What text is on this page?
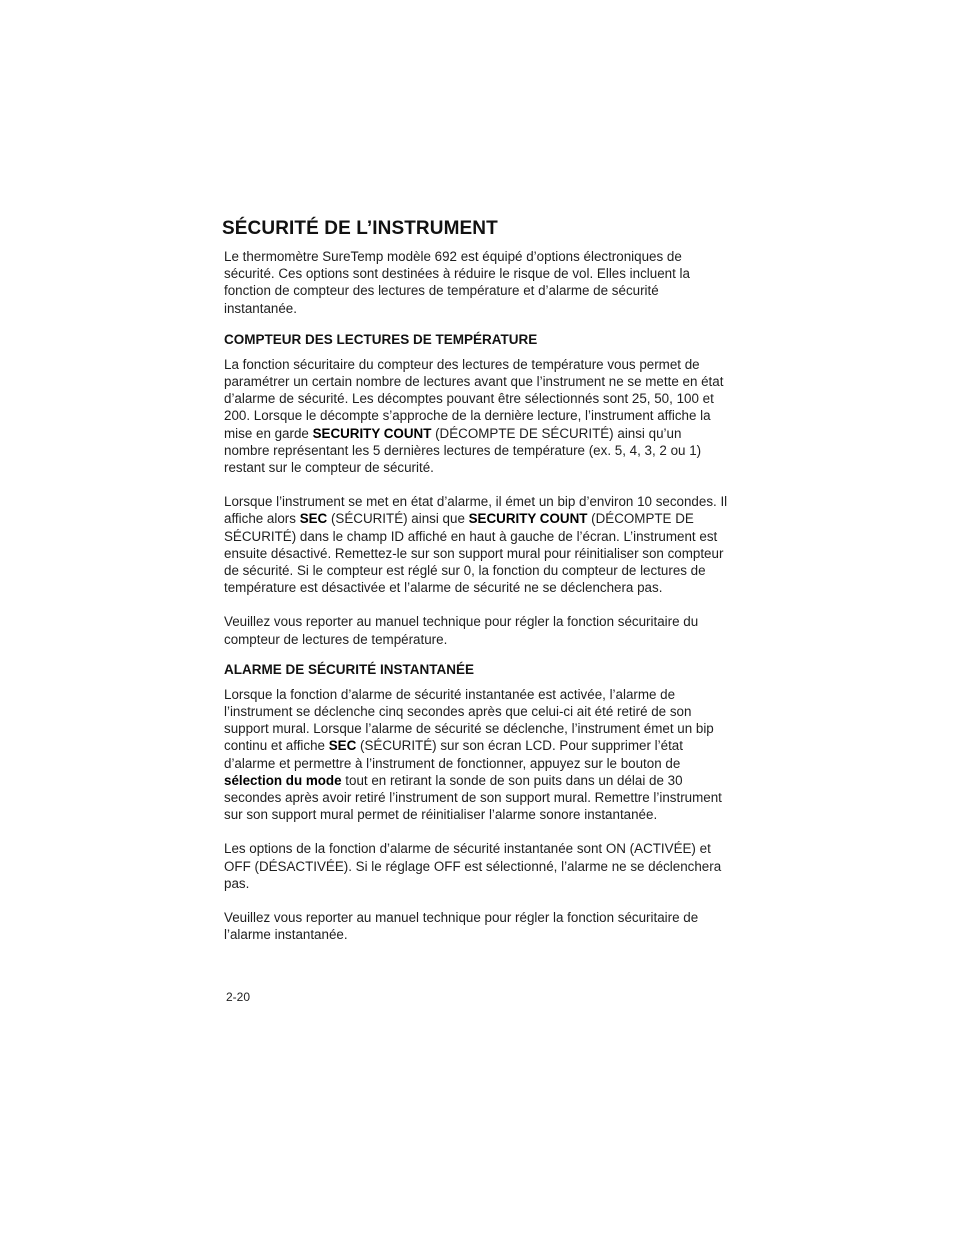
SÉCURITÉ DE L’INSTRUMENT

Le thermomètre SureTemp modèle 692 est équipé d’options électroniques de sécurité. Ces options sont destinées à réduire le risque de vol. Elles incluent la fonction de compteur des lectures de température et d’alarme de sécurité instantanée.

COMPTEUR DES LECTURES DE TEMPÉRATURE

La fonction sécuritaire du compteur des lectures de température vous permet de paramétrer un certain nombre de lectures avant que l’instrument ne se mette en état d’alarme de sécurité. Les décomptes pouvant être sélectionnés sont 25, 50, 100 et 200. Lorsque le décompte s’approche de la dernière lecture, l’instrument affiche la mise en garde SECURITY COUNT (DÉCOMPTE DE SÉCURITÉ) ainsi qu’un nombre représentant les 5 dernières lectures de température (ex. 5, 4, 3, 2 ou 1) restant sur le compteur de sécurité.

Lorsque l’instrument se met en état d’alarme, il émet un bip d’environ 10 secondes. Il affiche alors SEC (SÉCURITÉ) ainsi que SECURITY COUNT (DÉCOMPTE DE SÉCURITÉ) dans le champ ID affiché en haut à gauche de l’écran. L’instrument est ensuite désactivé. Remettez-le sur son support mural pour réinitialiser son compteur de sécurité. Si le compteur est réglé sur 0, la fonction du compteur de lectures de température est désactivée et l’alarme de sécurité ne se déclenchera pas.

Veuillez vous reporter au manuel technique pour régler la fonction sécuritaire du compteur de lectures de température.

ALARME DE SÉCURITÉ INSTANTANÉE

Lorsque la fonction d’alarme de sécurité instantanée est activée, l’alarme de l’instrument se déclenche cinq secondes après que celui-ci ait été retiré de son support mural. Lorsque l’alarme de sécurité se déclenche, l’instrument émet un bip continu et affiche SEC (SÉCURITÉ) sur son écran LCD. Pour supprimer l’état d’alarme et permettre à l’instrument de fonctionner, appuyez sur le bouton de sélection du mode tout en retirant la sonde de son puits dans un délai de 30 secondes après avoir retiré l’instrument de son support mural. Remettre l’instrument sur son support mural permet de réinitialiser l’alarme sonore instantanée.

Les options de la fonction d’alarme de sécurité instantanée sont ON (ACTIVÉE) et OFF (DÉSACTIVÉE). Si le réglage OFF est sélectionné, l’alarme ne se déclenchera pas.

Veuillez vous reporter au manuel technique pour régler la fonction sécuritaire de l’alarme instantanée.

2-20
